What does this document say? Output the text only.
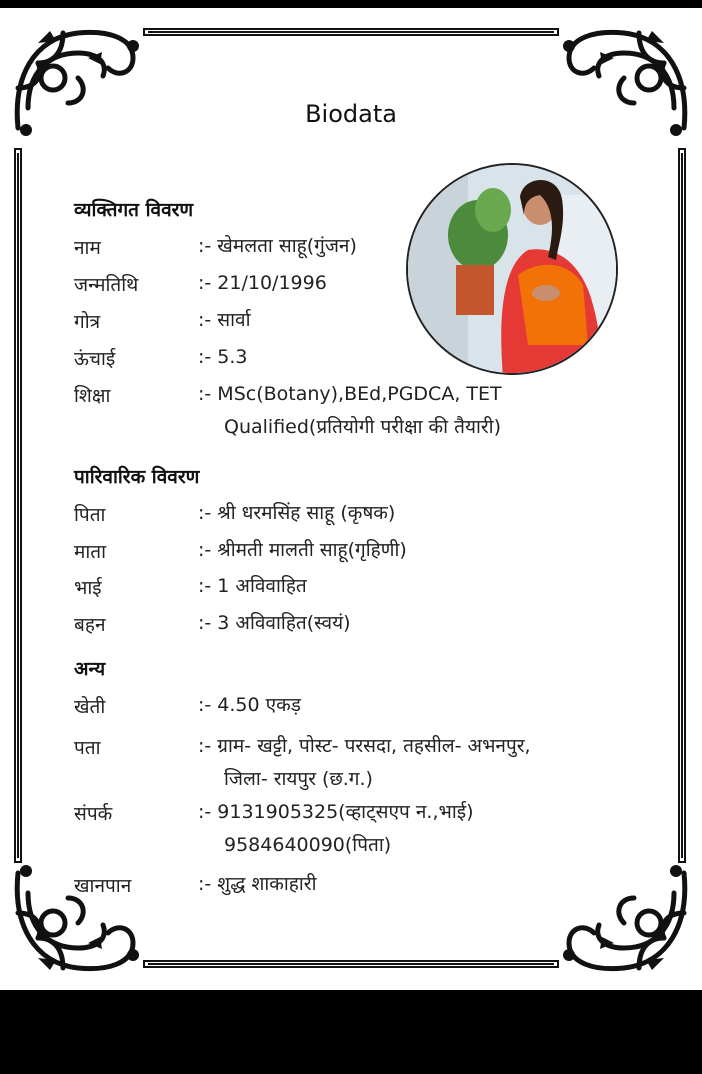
Biodata
व्यक्तिगत विवरण
नाम	:- खेमलता साहू(गुंजन)
जन्मतिथि	:- 21/10/1996
गोत्र	:- सार्वा
ऊंचाई	:- 5.3
शिक्षा	:- MSc(Botany),BEd,PGDCA, TET
Qualified(प्रतियोगी परीक्षा की तैयारी)
पारिवारिक विवरण
पिता	:- श्री धरमसिंह साहू (कृषक)
माता	:- श्रीमती मालती साहू(गृहिणी)
भाई	:- 1 अविवाहित
बहन	:- 3 अविवाहित(स्वयं)
अन्य
खेती	:- 4.50 एकड़
पता	:- ग्राम- खट्टी, पोस्ट- परसदा, तहसील- अभनपुर,
जिला- रायपुर (छ.ग.)
संपर्क	:- 9131905325(व्हाट्सएप न.,भाई)
9584640090(पिता)
खानपान	:- शुद्ध शाकाहारी
